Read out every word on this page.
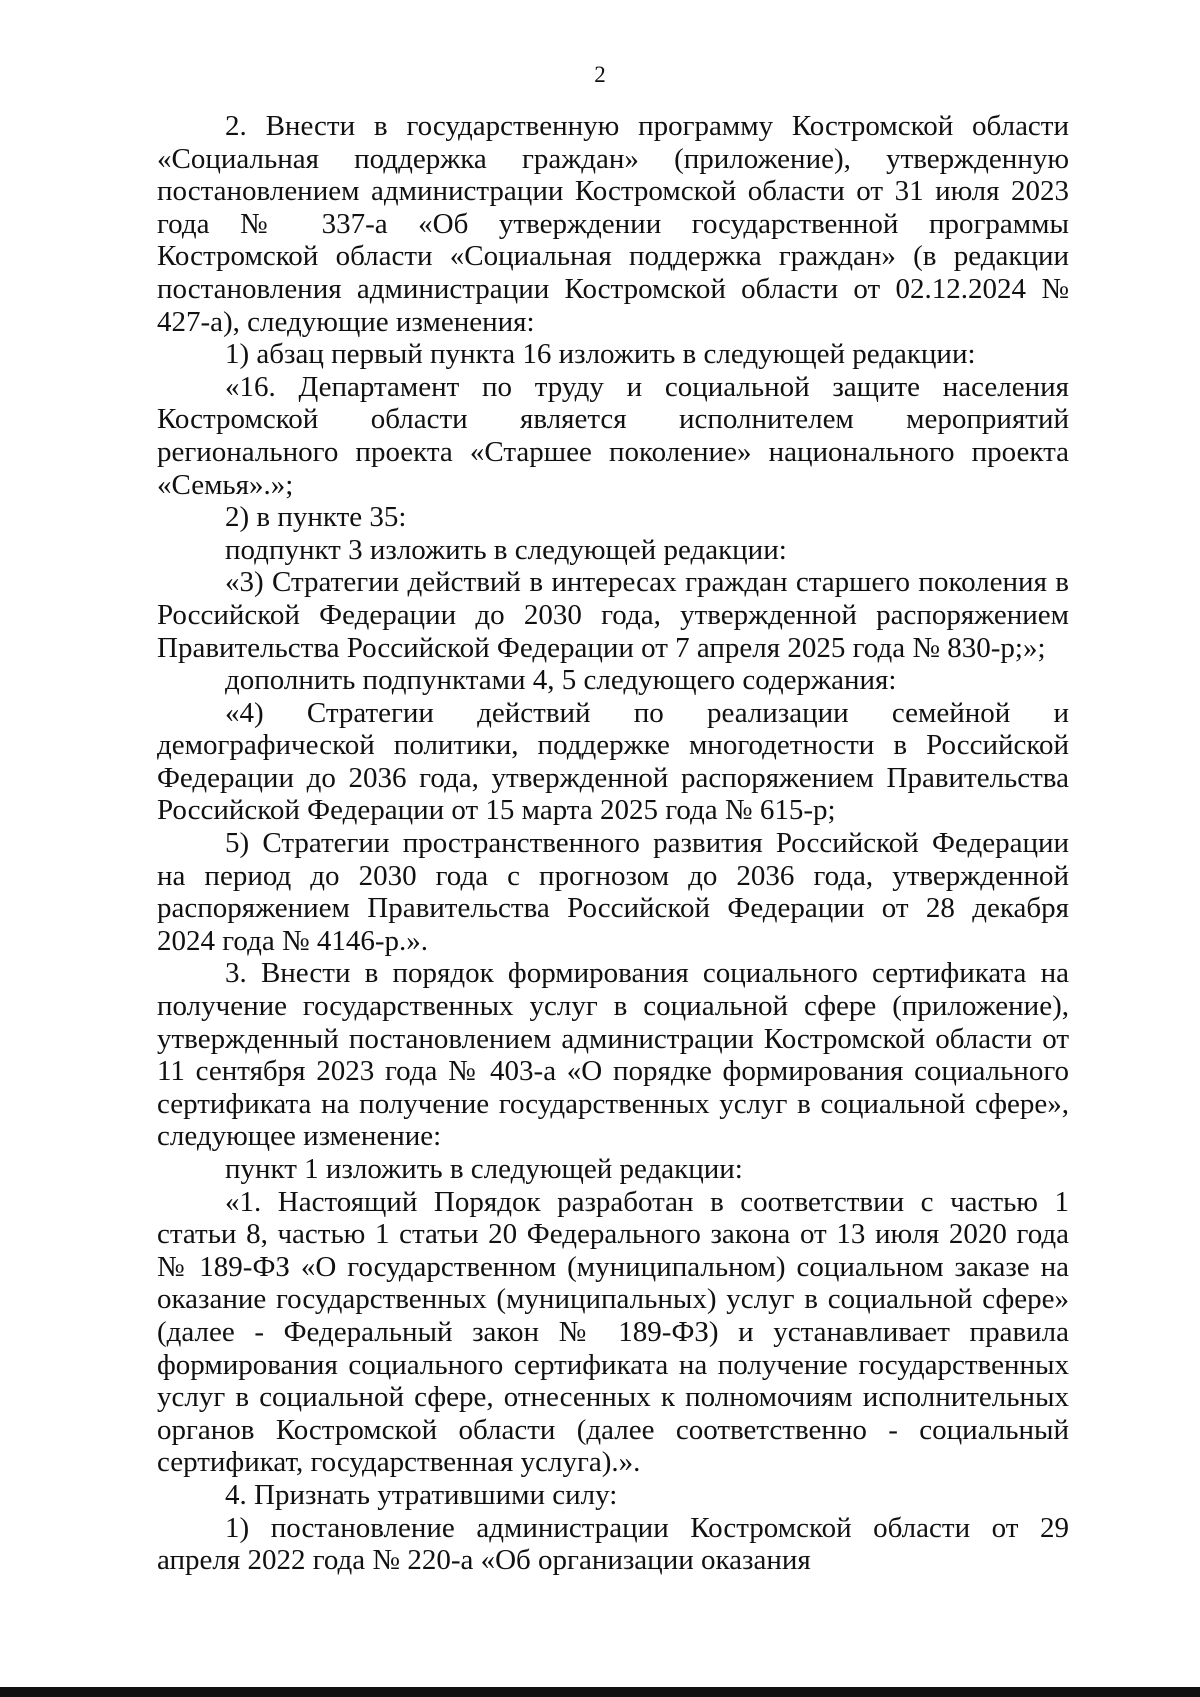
2

2. Внести в государственную программу Костромской области «Социальная поддержка граждан» (приложение), утвержденную постановлением администрации Костромской области от 31 июля 2023 года № 337-а «Об утверждении государственной программы Костромской области «Социальная поддержка граждан» (в редакции постановления администрации Костромской области от 02.12.2024 № 427-а), следующие изменения:

1) абзац первый пункта 16 изложить в следующей редакции:

«16. Департамент по труду и социальной защите населения Костромской области является исполнителем мероприятий регионального проекта «Старшее поколение» национального проекта «Семья».»;

2) в пункте 35:

подпункт 3 изложить в следующей редакции:

«3) Стратегии действий в интересах граждан старшего поколения в Российской Федерации до 2030 года, утвержденной распоряжением Правительства Российской Федерации от 7 апреля 2025 года № 830-р;»;

дополнить подпунктами 4, 5 следующего содержания:

«4) Стратегии действий по реализации семейной и демографической политики, поддержке многодетности в Российской Федерации до 2036 года, утвержденной распоряжением Правительства Российской Федерации от 15 марта 2025 года № 615-р;

5) Стратегии пространственного развития Российской Федерации на период до 2030 года с прогнозом до 2036 года, утвержденной распоряжением Правительства Российской Федерации от 28 декабря 2024 года № 4146-р.».

3. Внести в порядок формирования социального сертификата на получение государственных услуг в социальной сфере (приложение), утвержденный постановлением администрации Костромской области от 11 сентября 2023 года № 403-а «О порядке формирования социального сертификата на получение государственных услуг в социальной сфере», следующее изменение:

пункт 1 изложить в следующей редакции:

«1. Настоящий Порядок разработан в соответствии с частью 1 статьи 8, частью 1 статьи 20 Федерального закона от 13 июля 2020 года № 189-ФЗ «О государственном (муниципальном) социальном заказе на оказание государственных (муниципальных) услуг в социальной сфере» (далее - Федеральный закон № 189-ФЗ) и устанавливает правила формирования социального сертификата на получение государственных услуг в социальной сфере, отнесенных к полномочиям исполнительных органов Костромской области (далее соответственно - социальный сертификат, государственная услуга).».

4. Признать утратившими силу:

1) постановление администрации Костромской области от 29 апреля 2022 года № 220-а «Об организации оказания
